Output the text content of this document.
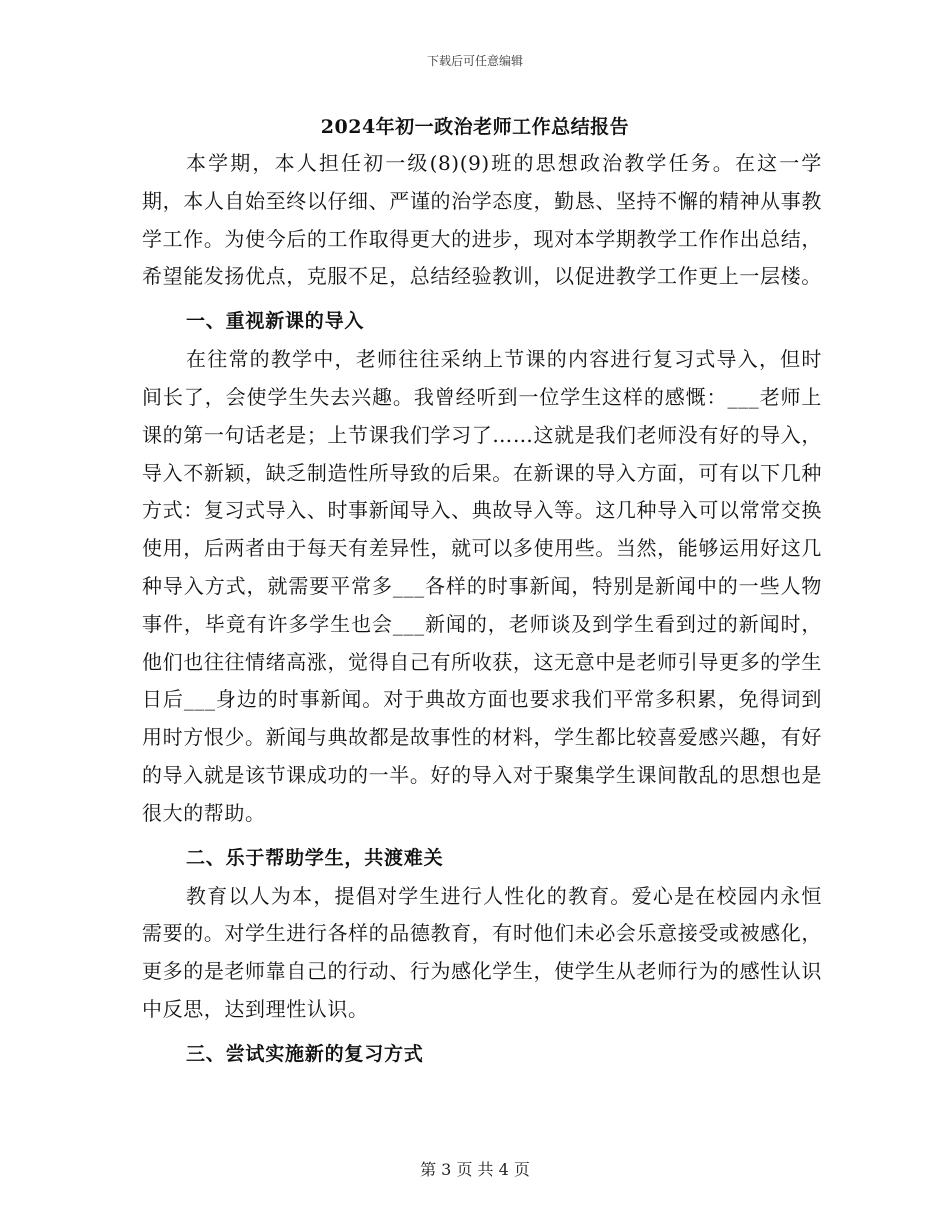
下载后可任意编辑
2024年初一政治老师工作总结报告

本学期，本人担任初一级(8)(9)班的思想政治教学任务。在这一学期，本人自始至终以仔细、严谨的治学态度，勤恳、坚持不懈的精神从事教学工作。为使今后的工作取得更大的进步，现对本学期教学工作作出总结，希望能发扬优点，克服不足，总结经验教训，以促进教学工作更上一层楼。

一、重视新课的导入

在往常的教学中，老师往往采纳上节课的内容进行复习式导入，但时间长了，会使学生失去兴趣。我曾经听到一位学生这样的感慨：___老师上课的第一句话老是；上节课我们学习了……这就是我们老师没有好的导入，导入不新颖，缺乏制造性所导致的后果。在新课的导入方面，可有以下几种方式：复习式导入、时事新闻导入、典故导入等。这几种导入可以常常交换使用，后两者由于每天有差异性，就可以多使用些。当然，能够运用好这几种导入方式，就需要平常多___各样的时事新闻，特别是新闻中的一些人物事件，毕竟有许多学生也会___新闻的，老师谈及到学生看到过的新闻时，他们也往往情绪高涨，觉得自己有所收获，这无意中是老师引导更多的学生日后___身边的时事新闻。对于典故方面也要求我们平常多积累，免得词到用时方恨少。新闻与典故都是故事性的材料，学生都比较喜爱感兴趣，有好的导入就是该节课成功的一半。好的导入对于聚集学生课间散乱的思想也是很大的帮助。

二、乐于帮助学生，共渡难关

教育以人为本，提倡对学生进行人性化的教育。爱心是在校园内永恒需要的。对学生进行各样的品德教育，有时他们未必会乐意接受或被感化，更多的是老师靠自己的行动、行为感化学生，使学生从老师行为的感性认识中反思，达到理性认识。

三、尝试实施新的复习方式
第 3 页 共 4 页
